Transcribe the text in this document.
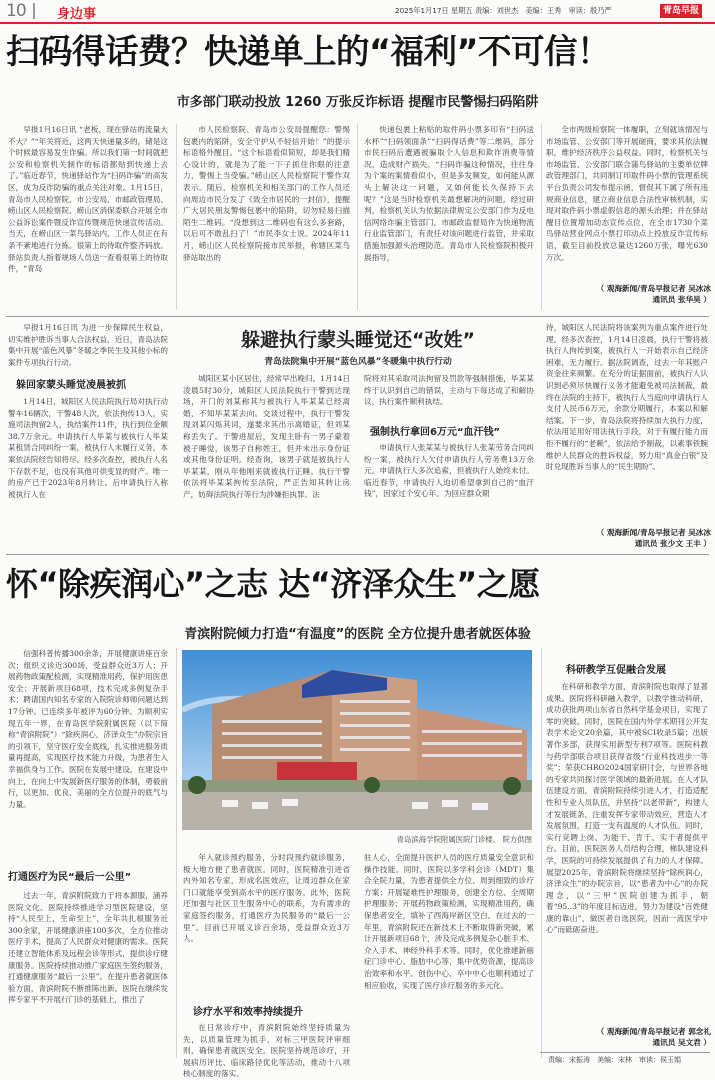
10 身边事	2025年1月17日 星期五 责编：刘世杰　美编：王秀　审读：殷乃严	青岛早报
扫码得话费？快递单上的“福利”不可信！
市多部门联动投放 1260 万张反诈标语 提醒市民警惕扫码陷阱
早报1月16日讯 “老板，现在驿站的流量大不大？”“年关将近，这两天快递量多的，储是这个时候最容易发生诈骗。所以我们第一时间就把公安和检察机关制作的标语都贴到快递上去了。”临近春节，快递驿站作为“扫码诈骗”的高发区，成为反诈防骗的重点关注对象。1月15日，青岛市人民检察院、市公安局、市邮政管理局、崂山区人民检察院、崂山区消保委联合开展全市公益诉讼案件暨反诈宣传暨规范快递宣传活动。当天，在崂山区一菜鸟驿站内，工作人员正在有条不紊地进行分拣。很第上的待取件整齐码放。驿站负责人指着规场人员送一查看很第上的待取件，“青岛
市人民检察院、青岛市公安局提醒您：警惕包裹内的陷阱，安全守护从不轻信开始！”的提示标语格外醒目。“这个标语看似简短，却是我们精心设计的，就是为了能一下子抓住你眼的注意力，警惕上当受骗。”崂山区人民检察院干警作双表示。随后，检察机关和相关部门的工作人员还向周边市民分发了《致全市居民的一封信》，提醒广大居民朋友警惕包裹中的陷阱，切勿轻易扫描陌生二维码。“没想到这二维码也有这么多套路，以后可不敢乱扫了！”市民李女士说。2024年11月，崂山区人民检察院接市民举报，称辖区菜鸟驿站取出的
快递包裹上粘贴的取件码小票多印有“扫码送水杯”“扫码领面条”“扫码得话费”等二维码，部分市民扫码后遭遇被骗取个人信息和欺诈消费等情况，造成财产损失。“扫码诈骗这种情况，往往身为个案的案情看似小，但是多发频发，如何能从源头上解决这一问题，又如何能长久保持下去呢？”这是当时检察机关最想解决的问题。经过研判，检察机关认为依据法律规定公安部门作为反电信网络诈骗主管部门，市邮政监督局作为快递物流行业监管部门，有责任对该问题进行监管，并采取措施加强源头治理防范。青岛市人民检察院积极开展指导，
全市两级检察院一体履职，立刻就该情况与市场监管、公安部门等开展磋商，要求其依法履职，维护经济秩序公益权益。同时，检察机关与市场监管、公安部门联合蒲鸟驿站的主要单位牌政管理部门，共同制订印取件码小票的管理系统平台负责公司发布提示函，督促其下属了所有违规商业信息，建立商业信息合法性审核机制，实现对取件码小票虚假信息的源头治理；并在驿站醒目位置增加动态宣传点位，在全市1730个菜鸟驿站营业网点小票打印动点上投放反诈宣传标语，截至目前投放总量达1260万张，曝光630万次。
（ 观海新闻/青岛早报记者 吴冰冰
通讯员 张华昊 ）
躲避执行蒙头睡觉还“改姓”
青岛法院集中开展“蓝色风暴”冬暖集中执行行动
早报1月16日讯 为进一步保障民生权益，切实维护胜诉当事人合法权益，近日，青岛法院集中开展“蓝色风暴”冬暖之季民生及其他小标的案件专项执行行动。
躲回家蒙头睡觉凌晨被抓
1月14日，城阳区人民法院执行局对执行动警车16辆次，干警48人次，依法拘传13人，实施司法拘留2人，执结案件11件，执行到位金额38.7万余元。申请执行人毕某与被执行人毕某某租赁合同纠纷一案，被执行人未履行义务，本案依法院经告知将尽。经多次查控，被执行人名下存款不足，也没有其他可供变显的财产。唯一的房产已于2023年8月转让。后申请执行人称被执行人在
城阳区某小区居住，经常早出晚归。1月14日凌晨5时30分，城阳区人民法院执行干警到达现场，开门的刘某称其与被执行人毕某某已经离婚，不知毕某某去向。交谈过程中，执行干警发现刘某闪烁其词，遂要求其出示离婚证，但刘某称丢失了。干警进屋后，发现主卧有一男子蒙着被子睡觉，该男子自称姓王，但并未出示身份证或其他身份证明。经查询，该男子就是被执行人毕某某，刚从年他刚来就被执行正睡。执行干警依法将毕某某拘传至法院，严正告知其转让房产，妨碍法院执行等行为涉嫌拒执罪。法
院将对其采取司法拘留及罚款等强制措施，毕某某终于认识到自己的错误，主动与下每达成了和解协议，执行案件顺利执结。
强制执行拿回6万元“血汗钱”
申请执行人张某某与被执行人张某劳务合同纠纷一案，被执行人欠付申请执行人劳务费13万余元。申请执行人多次追索，但被执行人始终未付。临近春节，申请执行人迫切希望拿到自己的“血汗钱”，因家过个安心年。为回应群众期
待，城阳区人民法院将该案列为重点案件进行处理。经多次查控，1月14日凌晨，执行干警将被执行人拘传到案，被执行人一开始表示自己经济困难，无力履行。据法院调查，过去一年其账户资金往来频繁。在充分的证据面前，被执行人认识到必须尽快履行义务才能避免被司法制裁，最终在法院的主持下，被执行人当庭向申请执行人支付人民币6万元，余款分期履行，本案以和解结案。下一步，青岛法院将持续加大执行力度，依法用足用好用法执行手段，对于有履行能力而拒不履行的“老赖”，依法给予制裁，以素事铁腕维护人民群众的胜诉权益，努力用“真金白银”及时兑现胜诉当事人的“民生期盼”。
（ 观海新闻/青岛早报记者 吴冰冰
通讯员 张少文 王丰 ）
怀“除疾润心”之志 达“济泽众生”之愿
青滨附院倾力打造“有温度”的医院 全方位提升患者就医体验
信强科普传播300余条，开展健康讲座百余次；组织义诊近300场，受益群众近3万人；开展药物政策配检测，实现精准用药，保护用医患安全；开展新项目68项，技术完成多例复杂手术；聘请国内知名专家的入院院诊师师问题达到17分钟。已连续多年被评为60分钟。为顺利实现五年一界，在青岛医学院附属医院（以下简称“青滨附院”）“除疾润心，济泽众生”办院宗旨的引领下，坚守医疗安全底线，扎实推进服务质量再提高，实现医疗技术能力升级，为患者生入幸福供身与工作。医院在发展中建设，在建设中向上，在向上中发展新医疗服务的体制，勇毅前行，以更加、优良、美丽的全方位提升的底气与力量。
打通医疗为民“最后一公里”
过去一年，青滨附院致力于将本源服，涵养医院文化。医院持续推进学习型医院建设，坚持“人民至上，生命至上”，全年共扎根服务近300余家，开展健康讲座100多次，全方位推动医疗手术，提高了人民群众对健康的需求。医院还建立智能体系及远程会诊等形式，提供诊疗健康服务。医院持续推动推广家庭医生签约服务，打通健康服务“最后一公里”。在提升患者就医体验方面，青滨附院不断推陈出新。医院在继续发挥专家平不开展行门诊的基础上，推出了
青岛滨海学院附属医院门诊楼。 院方供图
年入就诊预约服务，分时段预约就诊服务，极大地方便了患者就医。同时，医院精准引进省内外知名专家，形成名医效应，让周边群众在家门口就能享受到高水平的医疗服务。此外，医院还加强与社区卫生服务中心的联系，为有需求的家庭签约服务，打通医疗为民服务的“最后一公里”。目前已开展义诊百余场，受益群众近3万人。
诊疗水平和效率持续提升
在日常诊疗中，青滨附院始终坚持质量为先，以质量管理为抓手，对标三甲医院评审细则，确保患者就医安全。医院坚持规范诊疗，开展病历评比、临床路径优化等活动，推动十八项核心制度的落实。
驻人心，全面提升医护人员的医疗质量安全意识和操作技能。同时，医院以多学科会诊（MDT）集合全院力量，为患者提供全方位、周到细致的诊疗方案；开展疑难性护理服务，创建全方位、全周期护理服务；开展药物政策检测，实现精准用药，确保患者安全，填补了西海岸新区空白。在过去的一年里，青滨附院还在新技术上不断取得新突破，累计开展新项目68个，涉及完成多例复杂心脏手术、介入手术、神经外科手术等。同时，优化推建新癌症门诊中心、脂肪中心等，集中优势资源，提高诊治效率和水平。创伤中心、卒中中心也顺利通过了相应验收，实现了医疗诊疗服务的多元化。
科研教学互促融合发展
在科研和教学方面，青滨附院也取得了显著成果。医院将科研融入教学，以教学推动科研，成功获批两项山东省自然科学基金项目，实现了零的突破。同时，医院在国内外学术期刊公开发表学术论文20余篇，其中被SCI收录5篇；出版著作多部，获得实用新型专利7项等。医院科教与药学部联合项目获得省级“行业科技进步一等奖”；荣获CHRO2024国家研讨会，与世界各地的专家共同探讨医学领域的最新进展。在人才队伍建设方面，青滨附院持续引进人才，打造适配性和专业人员队伍，并坚持“以老带新”，构建人才发展链条，注重发挥专家带动效应，营造人才发展氛围，打造一支有温度的人才队伍。同时，实行竞聘上岗、为能干、肯干、实干者提供平台。目前，医院医务人员结构合理，梯队建设科学，医院的可持续发展提供了有力的人才保障。展望2025年，青滨附院将继续坚持“除疾润心，济泽众生”的办院宗旨，以“患者为中心”的办院理念，以“三甲”医院创建为抓手，朝着“95..3”的年度目标迈进，努力为建设“百姓健康的靠山”，做医者自选医院，因而一流医学中心”而砥砺奋进。
（ 观海新闻/青岛早报记者 郭念礼
通讯员 吴文君 ）
责编：宋振涛　美编：宋林　审读：侯玉娟
